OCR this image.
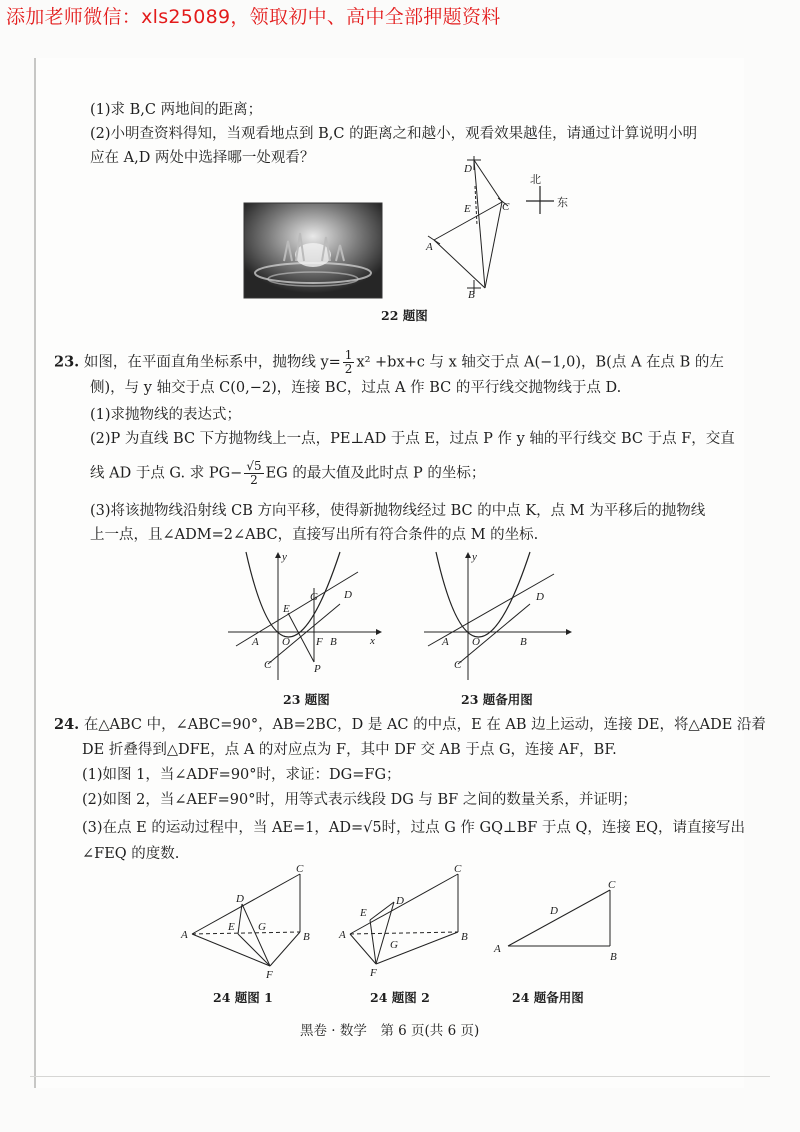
添加老师微信：xls25089，领取初中、高中全部押题资料
(1)求 B,C 两地间的距离；
(2)小明查资料得知，当观看地点到 B,C 的距离之和越小，观看效果越佳，请通过计算说明小明
应在 A,D 两处中选择哪一处观看？
D
E	C
A
B
北
东
22 题图
23. 如图，在平面直角坐标系中，抛物线 $y= \frac{1}{2} x^2 +bx+c$ 与 x 轴交于点 A(−1,0)，B(点 A 在点 B 的左
侧)，与 y 轴交于点 C(0,−2)，连接 BC，过点 A 作 BC 的平行线交抛物线于点 D.
(1)求抛物线的表达式；
(2)P 为直线 BC 下方抛物线上一点，PE⊥AD 于点 E，过点 P 作 y 轴的平行线交 BC 于点 F，交直
线 AD 于点 G. 求 $PG- \frac{√5}{2}$ EG 的最大值及此时点 P 的坐标；
(3)将该抛物线沿射线 CB 方向平移，使得新抛物线经过 BC 的中点 K，点 M 为平移后的抛物线
上一点，且∠ADM=2∠ABC，直接写出所有符合条件的点 M 的坐标.
y
x
A O	B
C
D
E
G
F
P
23 题图
y
A O	B
C
D
23 题备用图
24. 在△ABC 中，∠ABC=90°，AB=2BC，D 是 AC 的中点，E 在 AB 边上运动，连接 DE，将△ADE 沿着
DE 折叠得到△DFE，点 A 的对应点为 F，其中 DF 交 AB 于点 G，连接 AF，BF.
(1)如图 1，当∠ADF=90°时，求证：DG=FG；
(2)如图 2，当∠AEF=90°时，用等式表示线段 DG 与 BF 之间的数量关系，并证明；
(3)在点 E 的运动过程中，当 AE=1，AD=√5时，过点 G 作 GQ⊥BF 于点 Q，连接 EQ，请直接写出
∠FEQ 的度数.
C
D
A
E G
B
F
24 题图 1
C
D
E
A
G
B
F
24 题图 2
C
D
A
B
24 题备用图
黑卷 · 数学　第 6 页(共 6 页)
